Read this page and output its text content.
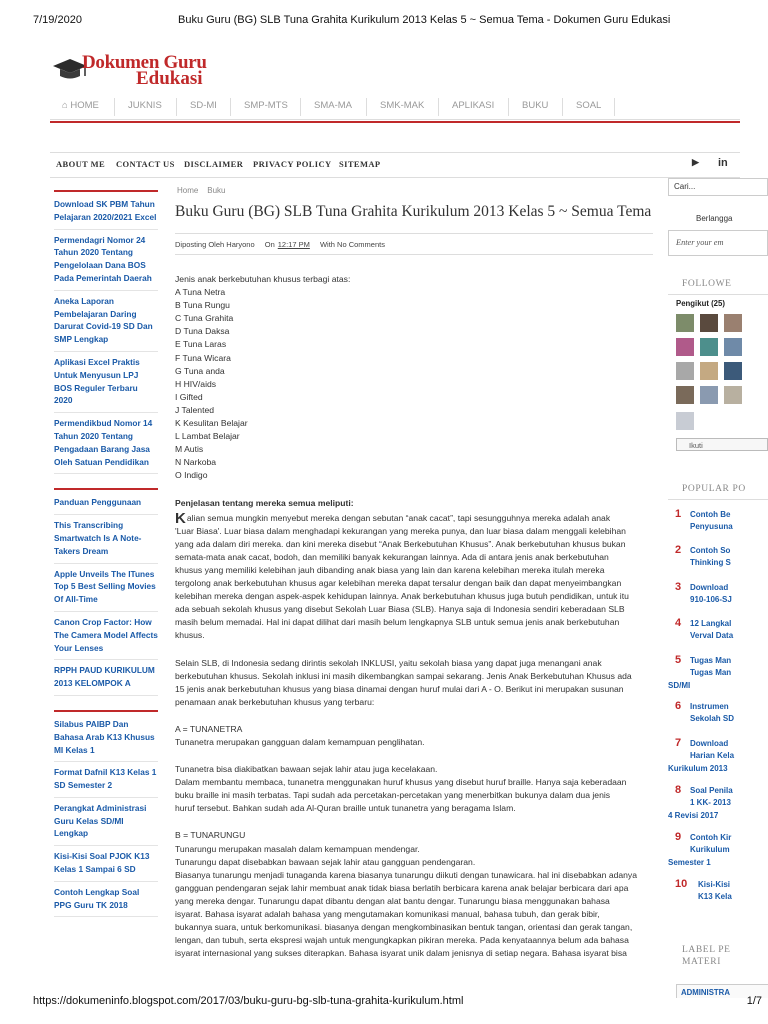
7/19/2020	Buku Guru (BG) SLB Tuna Grahita Kurikulum 2013 Kelas 5 ~ Semua Tema - Dokumen Guru Edukasi
Dokumen Guru
Edukasi
⌂ HOME	JUKNIS	SD-MI	SMP-MTS	SMA-MA	SMK-MAK	APLIKASI	BUKU	SOAL
ABOUT ME CONTACT US DISCLAIMER PRIVACY POLICY SITEMAP	▶ in
Download SK PBM Tahun Pelajaran 2020/2021 Excel
Permendagri Nomor 24 Tahun 2020 Tentang Pengelolaan Dana BOS Pada Pemerintah Daerah
Aneka Laporan Pembelajaran Daring Darurat Covid-19 SD Dan SMP Lengkap
Aplikasi Excel Praktis Untuk Menyusun LPJ BOS Reguler Terbaru 2020
Permendikbud Nomor 14 Tahun 2020 Tentang Pengadaan Barang Jasa Oleh Satuan Pendidikan
Panduan Penggunaan
This Transcribing Smartwatch Is A Note-Takers Dream
Apple Unveils The ITunes Top 5 Best Selling Movies Of All-Time
Canon Crop Factor: How The Camera Model Affects Your Lenses
RPPH PAUD KURIKULUM 2013 KELOMPOK A
Silabus PAIBP Dan Bahasa Arab K13 Khusus MI Kelas 1
Format Dafnil K13 Kelas 1 SD Semester 2
Perangkat Administrasi Guru Kelas SD/MI Lengkap
Kisi-Kisi Soal PJOK K13 Kelas 1 Sampai 6 SD
Contoh Lengkap Soal PPG Guru TK 2018
Home Buku
Buku Guru (BG) SLB Tuna Grahita Kurikulum 2013 Kelas 5 ~ Semua Tema
Diposting Oleh Haryono On 12:17 PM With No Comments
Jenis anak berkebutuhan khusus terbagi atas:
A Tuna Netra
B Tuna Rungu
C Tuna Grahita
D Tuna Daksa
E Tuna Laras
F Tuna Wicara
G Tuna anda
H HIV/aids
I Gifted
J Talented
K Kesulitan Belajar
L Lambat Belajar
M Autis
N Narkoba
O Indigo
Penjelasan tentang mereka semua meliputi:
K alian semua mungkin menyebut mereka dengan sebutan “anak cacat”, tapi sesungguhnya mereka adalah anak
'Luar Biasa'. Luar biasa dalam menghadapi kekurangan yang mereka punya, dan luar biasa dalam menggali kelebihan
yang ada dalam diri mereka. dan kini mereka disebut “Anak Berkebutuhan Khusus”. Anak berkebutuhan khusus bukan
semata-mata anak cacat, bodoh, dan memiliki banyak kekurangan lainnya. Ada di antara jenis anak berkebutuhan
khusus yang memiliki kelebihan jauh dibanding anak biasa yang lain dan karena kelebihan mereka itulah mereka
tergolong anak berkebutuhan khusus agar kelebihan mereka dapat tersalur dengan baik dan dapat menyeimbangkan
kelebihan mereka dengan aspek-aspek kehidupan lainnya. Anak berkebutuhan khusus juga butuh pendidikan, untuk itu
ada sebuah sekolah khusus yang disebut Sekolah Luar Biasa (SLB). Hanya saja di Indonesia sendiri keberadaan SLB
masih belum memadai. Hal ini dapat dilihat dari masih belum lengkapnya SLB untuk semua jenis anak berkebutuhan
khusus.
Selain SLB, di Indonesia sedang dirintis sekolah INKLUSI, yaitu sekolah biasa yang dapat juga menangani anak
berkebutuhan khusus. Sekolah inklusi ini masih dikembangkan sampai sekarang. Jenis Anak Berkebutuhan Khusus ada
15 jenis anak berkebutuhan khusus yang biasa dinamai dengan huruf mulai dari A - O. Berikut ini merupakan susunan
penamaan anak berkebutuhan khusus yang terbaru:
A = TUNANETRA
Tunanetra merupakan gangguan dalam kemampuan penglihatan.
Tunanetra bisa diakibatkan bawaan sejak lahir atau juga kecelakaan.
Dalam membantu membaca, tunanetra menggunakan huruf khusus yang disebut huruf braille. Hanya saja keberadaan
buku braille ini masih terbatas. Tapi sudah ada percetakan-percetakan yang menerbitkan bukunya dalam dua jenis
huruf tersebut. Bahkan sudah ada Al-Quran braille untuk tunanetra yang beragama Islam.
B = TUNARUNGU
Tunarungu merupakan masalah dalam kemampuan mendengar.
Tunarungu dapat disebabkan bawaan sejak lahir atau gangguan pendengaran.
Biasanya tunarungu menjadi tunaganda karena biasanya tunarungu diikuti dengan tunawicara. hal ini disebabkan adanya
gangguan pendengaran sejak lahir membuat anak tidak biasa berlatih berbicara karena anak belajar berbicara dari apa
yang mereka dengar. Tunarungu dapat dibantu dengan alat bantu dengar. Tunarungu biasa menggunakan bahasa
isyarat. Bahasa isyarat adalah bahasa yang mengutamakan komunikasi manual, bahasa tubuh, dan gerak bibir,
bukannya suara, untuk berkomunikasi. biasanya dengan mengkombinasikan bentuk tangan, orientasi dan gerak tangan,
lengan, dan tubuh, serta ekspresi wajah untuk mengungkapkan pikiran mereka. Pada kenyataannya belum ada bahasa
isyarat internasional yang sukses diterapkan. Bahasa isyarat unik dalam jenisnya di setiap negara. Bahasa isyarat bisa
Cari...
Berlangga
Enter your em
FOLLOWE
Pengikut (25)
Ikuti
POPULAR PO
1 Contoh Be
Penyusuna
2 Contoh So
Thinking S
3 Download
910-106-SJ
4 12 Langkal
Verval Data
5 Tugas Man
Tugas Man
SD/MI
6 Instrumen
Sekolah SD
7 Download
Harian Kela
Kurikulum 2013
8 Soal Penila
1 KK- 2013
4 Revisi 2017
9 Contoh Kir
Kurikulum
Semester 1
10 Kisi-Kisi
K13 Kela
LABEL PE
MATERI
ADMINISTRA
https://dokumeninfo.blogspot.com/2017/03/buku-guru-bg-slb-tuna-grahita-kurikulum.html	1/7
